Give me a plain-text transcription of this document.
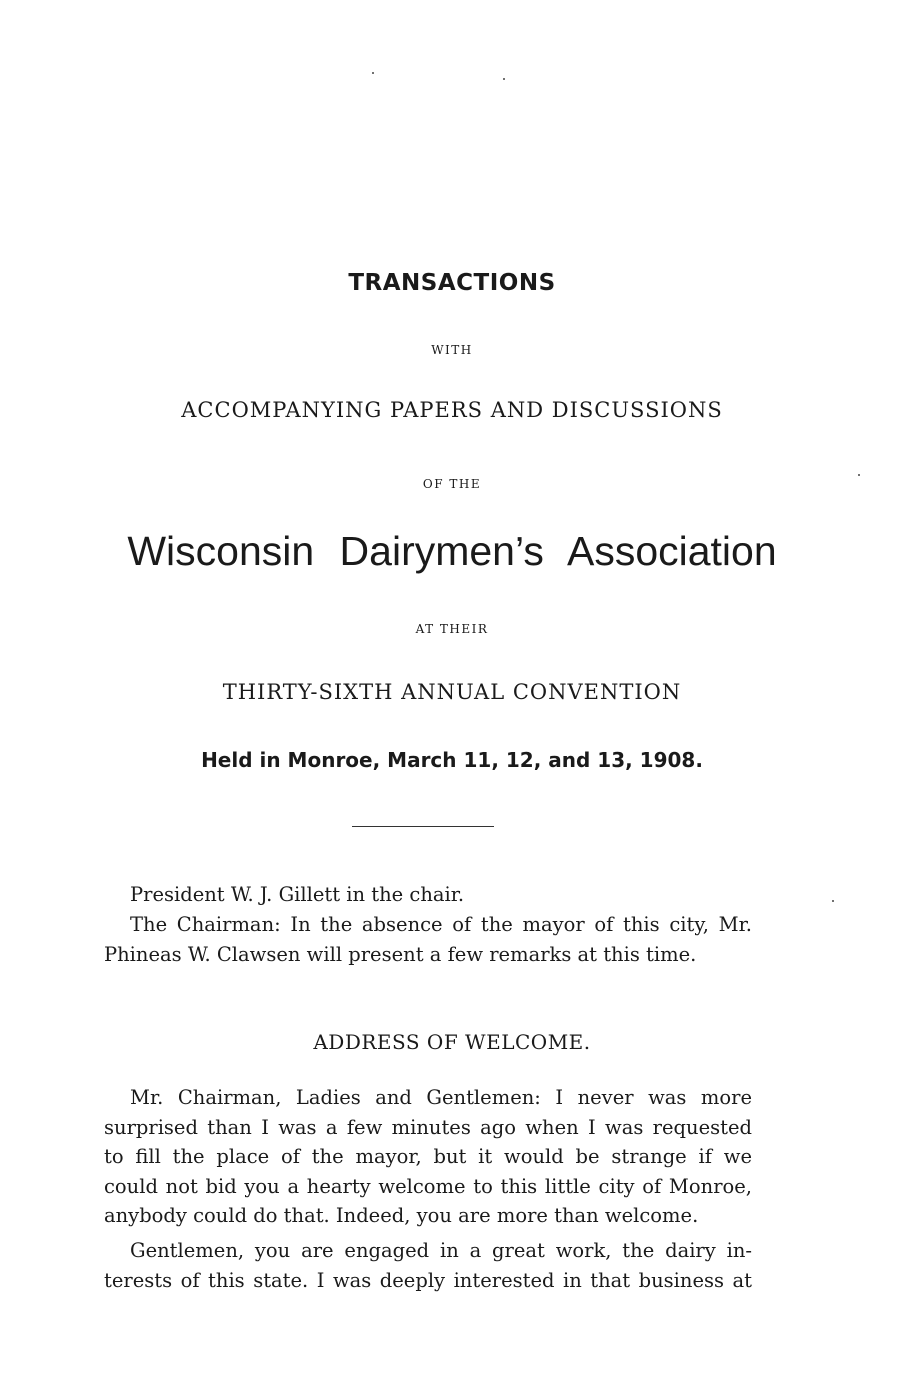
TRANSACTIONS
WITH
ACCOMPANYING PAPERS AND DISCUSSIONS
OF THE
Wisconsin Dairymen’s Association
AT THEIR
THIRTY-SIXTH ANNUAL CONVENTION
Held in Monroe, March 11, 12, and 13, 1908.
President W. J. Gillett in the chair.
The Chairman: In the absence of the mayor of this city, Mr.
Phineas W. Clawsen will present a few remarks at this time.
ADDRESS OF WELCOME.
Mr. Chairman, Ladies and Gentlemen: I never was more
surprised than I was a few minutes ago when I was requested
to fill the place of the mayor, but it would be strange if we
could not bid you a hearty welcome to this little city of Monroe,
anybody could do that. Indeed, you are more than welcome.
Gentlemen, you are engaged in a great work, the dairy in-
terests of this state. I was deeply interested in that business at
